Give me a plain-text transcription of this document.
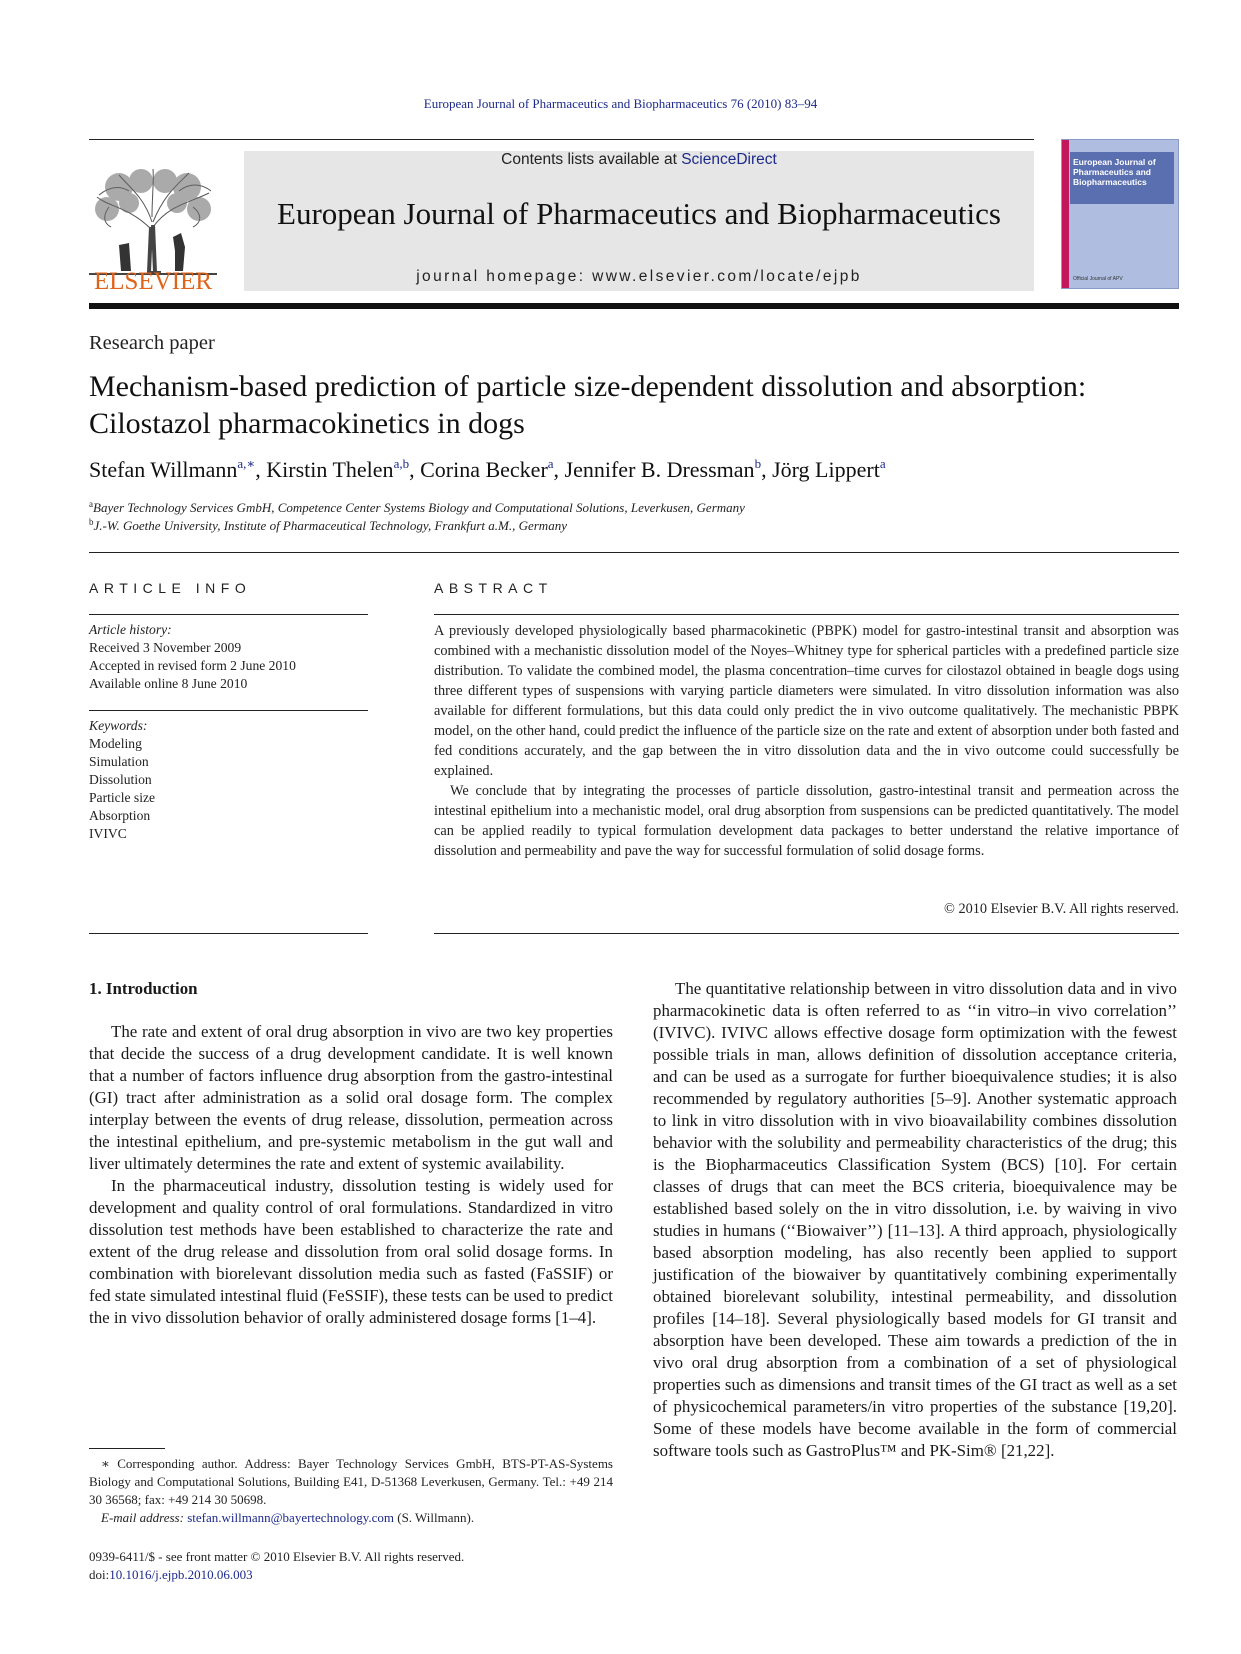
European Journal of Pharmaceutics and Biopharmaceutics 76 (2010) 83–94
ELSEVIER
Contents lists available at ScienceDirect
European Journal of Pharmaceutics and Biopharmaceutics
journal homepage: www.elsevier.com/locate/ejpb
European Journal of Pharmaceutics and Biopharmaceutics
Official Journal of APV
Research paper
Mechanism-based prediction of particle size-dependent dissolution and absorption: Cilostazol pharmacokinetics in dogs
Stefan Willmann$^{a,∗}$, Kirstin Thelen$^{a,b}$, Corina Becker$^a$, Jennifer B. Dressman$^b$, Jörg Lippert$^a$
$^a$Bayer Technology Services GmbH, Competence Center Systems Biology and Computational Solutions, Leverkusen, Germany
$^b$J.-W. Goethe University, Institute of Pharmaceutical Technology, Frankfurt a.M., Germany
ARTICLE INFO
Article history:
Received 3 November 2009
Accepted in revised form 2 June 2010
Available online 8 June 2010
Keywords:
Modeling
Simulation
Dissolution
Particle size
Absorption
IVIVC
ABSTRACT

A previously developed physiologically based pharmacokinetic (PBPK) model for gastro-intestinal transit and absorption was combined with a mechanistic dissolution model of the Noyes–Whitney type for spherical particles with a predefined particle size distribution. To validate the combined model, the plasma concentration–time curves for cilostazol obtained in beagle dogs using three different types of suspensions with varying particle diameters were simulated. In vitro dissolution information was also available for different formulations, but this data could only predict the in vivo outcome qualitatively. The mechanistic PBPK model, on the other hand, could predict the influence of the particle size on the rate and extent of absorption under both fasted and fed conditions accurately, and the gap between the in vitro dissolution data and the in vivo outcome could successfully be explained.

We conclude that by integrating the processes of particle dissolution, gastro-intestinal transit and permeation across the intestinal epithelium into a mechanistic model, oral drug absorption from suspensions can be predicted quantitatively. The model can be applied readily to typical formulation development data packages to better understand the relative importance of dissolution and permeability and pave the way for successful formulation of solid dosage forms.

© 2010 Elsevier B.V. All rights reserved.
1. Introduction

The rate and extent of oral drug absorption in vivo are two key properties that decide the success of a drug development candidate. It is well known that a number of factors influence drug absorption from the gastro-intestinal (GI) tract after administration as a solid oral dosage form. The complex interplay between the events of drug release, dissolution, permeation across the intestinal epithelium, and pre-systemic metabolism in the gut wall and liver ultimately determines the rate and extent of systemic availability.

In the pharmaceutical industry, dissolution testing is widely used for development and quality control of oral formulations. Standardized in vitro dissolution test methods have been established to characterize the rate and extent of the drug release and dissolution from oral solid dosage forms. In combination with biorelevant dissolution media such as fasted (FaSSIF) or fed state simulated intestinal fluid (FeSSIF), these tests can be used to predict the in vivo dissolution behavior of orally administered dosage forms [1–4].

The quantitative relationship between in vitro dissolution data and in vivo pharmacokinetic data is often referred to as ‘‘in vitro–in vivo correlation’’ (IVIVC). IVIVC allows effective dosage form optimization with the fewest possible trials in man, allows definition of dissolution acceptance criteria, and can be used as a surrogate for further bioequivalence studies; it is also recommended by regulatory authorities [5–9]. Another systematic approach to link in vitro dissolution with in vivo bioavailability combines dissolution behavior with the solubility and permeability characteristics of the drug; this is the Biopharmaceutics Classification System (BCS) [10]. For certain classes of drugs that can meet the BCS criteria, bioequivalence may be established based solely on the in vitro dissolution, i.e. by waiving in vivo studies in humans (‘‘Biowaiver’’) [11–13]. A third approach, physiologically based absorption modeling, has also recently been applied to support justification of the biowaiver by quantitatively combining experimentally obtained biorelevant solubility, intestinal permeability, and dissolution profiles [14–18]. Several physiologically based models for GI transit and absorption have been developed. These aim towards a prediction of the in vivo oral drug absorption from a combination of a set of physiological properties such as dimensions and transit times of the GI tract as well as a set of physicochemical parameters/in vitro properties of the substance [19,20]. Some of these models have become available in the form of commercial software tools such as GastroPlus™ and PK-Sim® [21,22].

∗ Corresponding author. Address: Bayer Technology Services GmbH, BTS-PT-AS-Systems Biology and Computational Solutions, Building E41, D-51368 Leverkusen, Germany. Tel.: +49 214 30 36568; fax: +49 214 30 50698.
E-mail address: stefan.willmann@bayertechnology.com (S. Willmann).
0939-6411/$ - see front matter © 2010 Elsevier B.V. All rights reserved.
doi:10.1016/j.ejpb.2010.06.003
